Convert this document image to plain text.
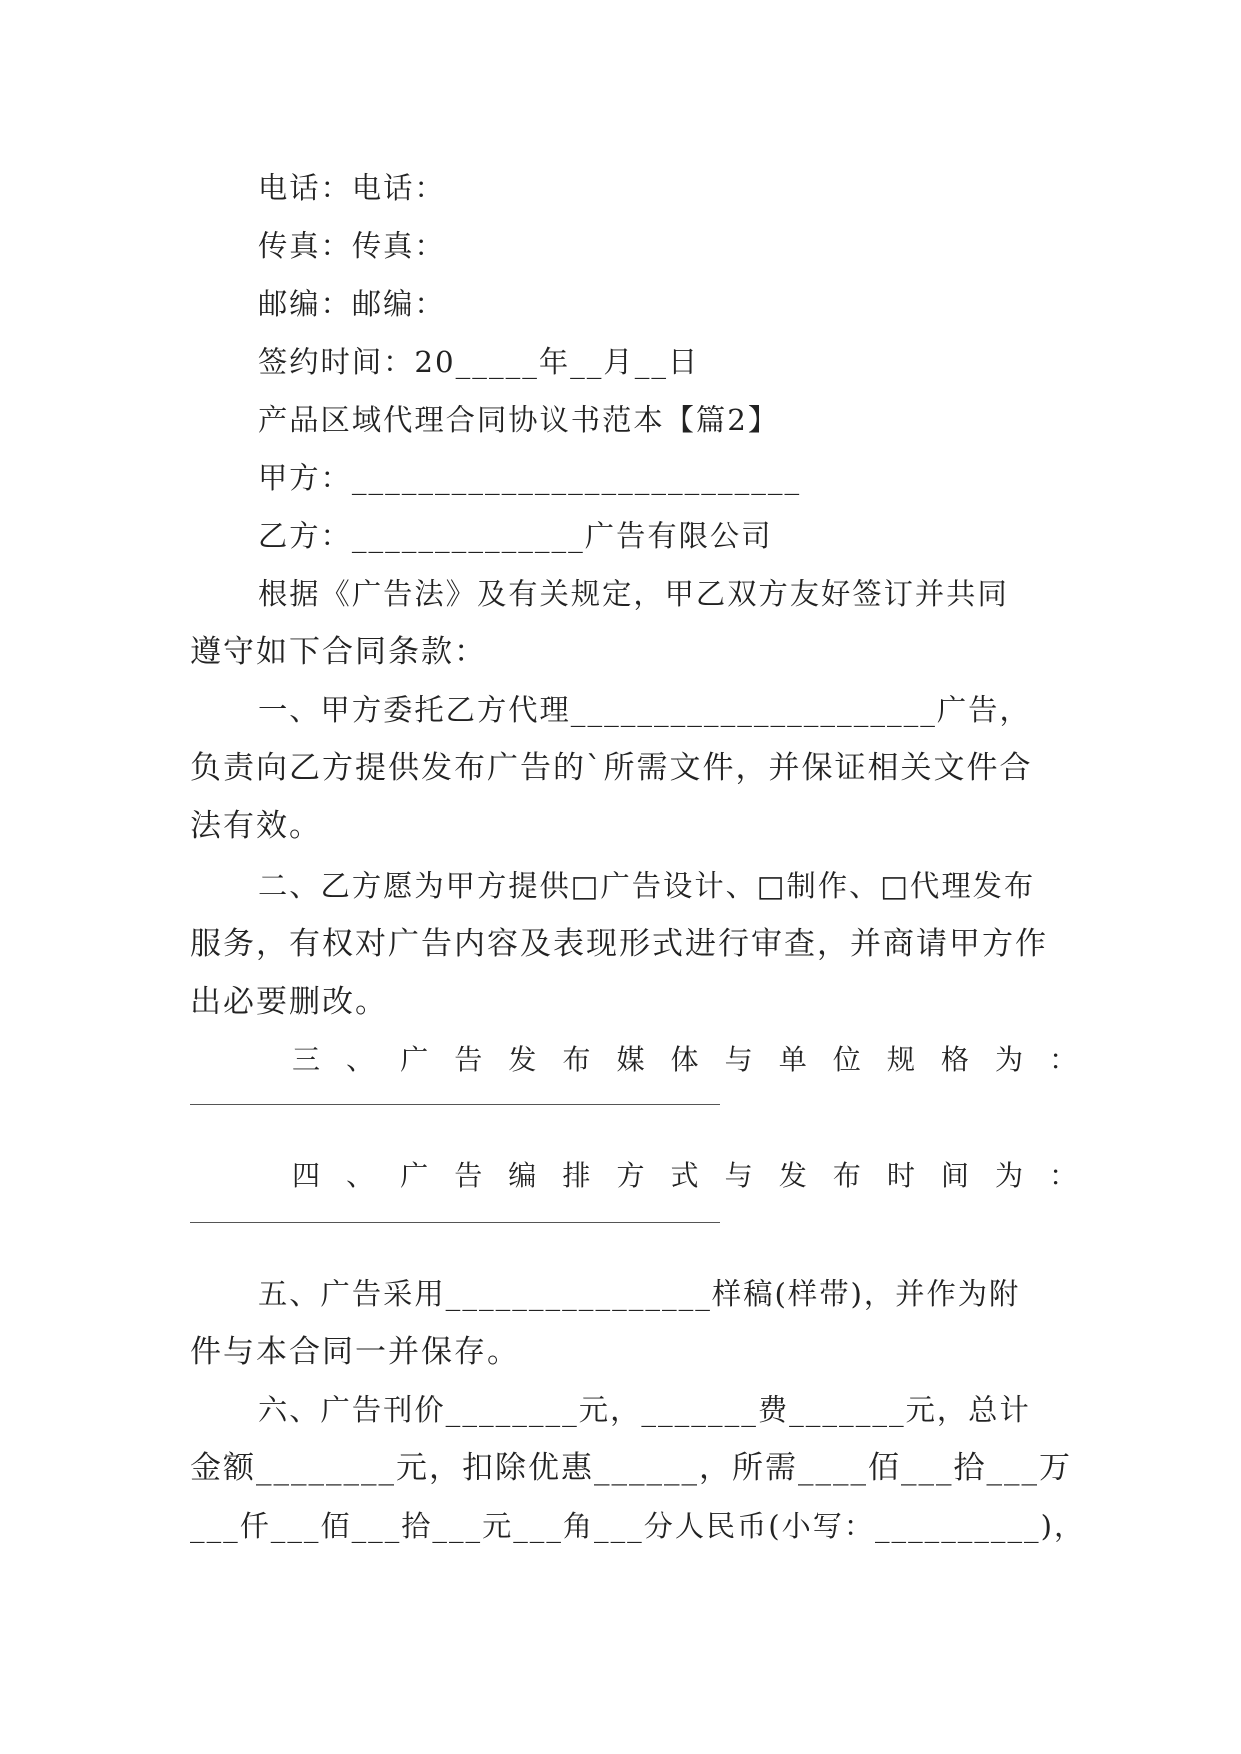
电话：电话：
传真：传真：
邮编：邮编：
签约时间：20_____年__月__日
产品区域代理合同协议书范本【篇2】
甲方：___________________________
乙方：______________广告有限公司
根据《广告法》及有关规定，甲乙双方友好签订并共同
遵守如下合同条款：
一、甲方委托乙方代理______________________广告，
负责向乙方提供发布广告的`所需文件，并保证相关文件合
法有效。
二、乙方愿为甲方提供□广告设计、□制作、□代理发布
服务，有权对广告内容及表现形式进行审查，并商请甲方作
出必要删改。
三、广告发布媒体与单位规格为：
四、广告编排方式与发布时间为：
五、广告采用________________样稿(样带)，并作为附
件与本合同一并保存。
六、广告刊价________元，_______费_______元，总计
金额________元，扣除优惠______，所需____佰___拾___万
___仟___佰___拾___元___角___分人民币(小写：__________)，
